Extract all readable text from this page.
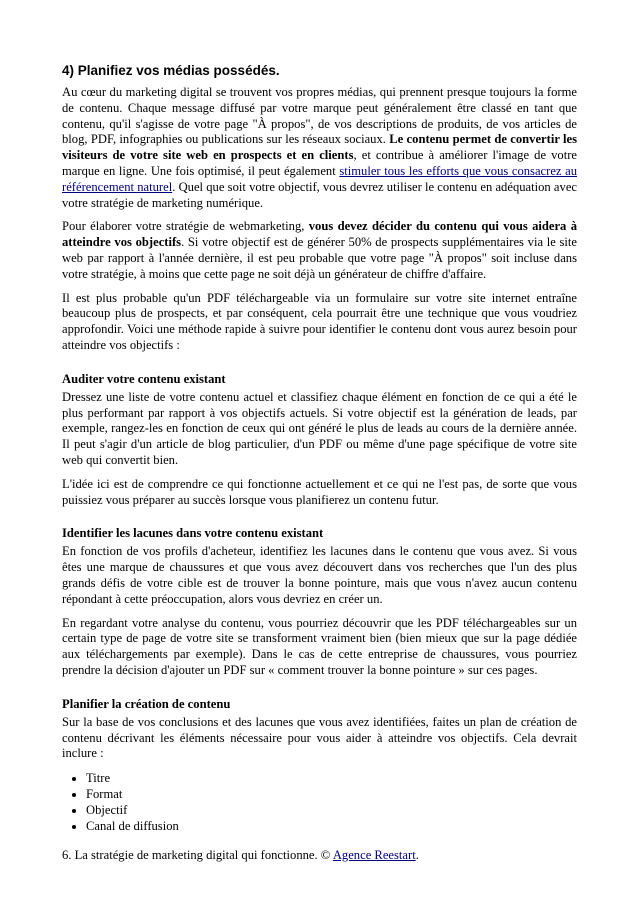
4) Planifiez vos médias possédés.

Au cœur du marketing digital se trouvent vos propres médias, qui prennent presque toujours la forme de contenu. Chaque message diffusé par votre marque peut généralement être classé en tant que contenu, qu'il s'agisse de votre page "À propos", de vos descriptions de produits, de vos articles de blog, PDF, infographies ou publications sur les réseaux sociaux. Le contenu permet de convertir les visiteurs de votre site web en prospects et en clients, et contribue à améliorer l'image de votre marque en ligne. Une fois optimisé, il peut également stimuler tous les efforts que vous consacrez au référencement naturel. Quel que soit votre objectif, vous devrez utiliser le contenu en adéquation avec votre stratégie de marketing numérique.

Pour élaborer votre stratégie de webmarketing, vous devez décider du contenu qui vous aidera à atteindre vos objectifs. Si votre objectif est de générer 50% de prospects supplémentaires via le site web par rapport à l'année dernière, il est peu probable que votre page "À propos" soit incluse dans votre stratégie, à moins que cette page ne soit déjà un générateur de chiffre d'affaire.

Il est plus probable qu'un PDF téléchargeable via un formulaire sur votre site internet entraîne beaucoup plus de prospects, et par conséquent, cela pourrait être une technique que vous voudriez approfondir. Voici une méthode rapide à suivre pour identifier le contenu dont vous aurez besoin pour atteindre vos objectifs :

Auditer votre contenu existant

Dressez une liste de votre contenu actuel et classifiez chaque élément en fonction de ce qui a été le plus performant par rapport à vos objectifs actuels. Si votre objectif est la génération de leads, par exemple, rangez-les en fonction de ceux qui ont généré le plus de leads au cours de la dernière année. Il peut s'agir d'un article de blog particulier, d'un PDF ou même d'une page spécifique de votre site web qui convertit bien.

L'idée ici est de comprendre ce qui fonctionne actuellement et ce qui ne l'est pas, de sorte que vous puissiez vous préparer au succès lorsque vous planifierez un contenu futur.

Identifier les lacunes dans votre contenu existant

En fonction de vos profils d'acheteur, identifiez les lacunes dans le contenu que vous avez. Si vous êtes une marque de chaussures et que vous avez découvert dans vos recherches que l'un des plus grands défis de votre cible est de trouver la bonne pointure, mais que vous n'avez aucun contenu répondant à cette préoccupation, alors vous devriez en créer un.

En regardant votre analyse du contenu, vous pourriez découvrir que les PDF téléchargeables sur un certain type de page de votre site se transforment vraiment bien (bien mieux que sur la page dédiée aux téléchargements par exemple). Dans le cas de cette entreprise de chaussures, vous pourriez prendre la décision d'ajouter un PDF sur « comment trouver la bonne pointure » sur ces pages.

Planifier la création de contenu

Sur la base de vos conclusions et des lacunes que vous avez identifiées, faites un plan de création de contenu décrivant les éléments nécessaire pour vous aider à atteindre vos objectifs. Cela devrait inclure :

• Titre
• Format
• Objectif
• Canal de diffusion

6. La stratégie de marketing digital qui fonctionne. © Agence Reestart.
